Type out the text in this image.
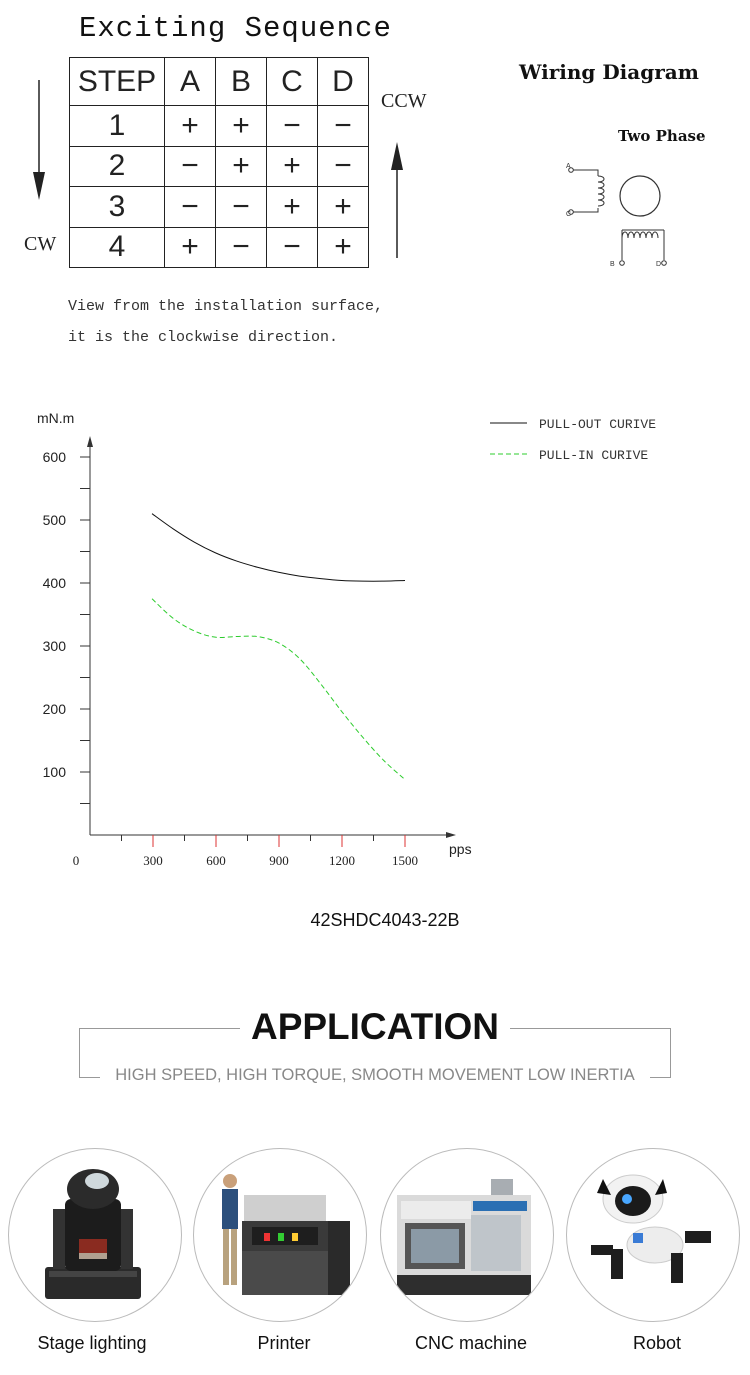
Exciting Sequence
STEP	A	B	C	D
1	+	+	−	−
2	−	+	+	−
3	−	−	+	+
4	+	−	−	+
CW
CCW
View from the installation surface,
it is the clockwise direction.
Wiring Diagram
Two Phase
A
C
B	D
mN.m
pps
600
500
400
300
200
100
0	300	600	900	1200	1500
PULL-OUT CURIVE
PULL-IN CURIVE
42SHDC4043-22B
APPLICATION
HIGH SPEED, HIGH TORQUE, SMOOTH MOVEMENT LOW INERTIA
Stage lighting	Printer	CNC machine	Robot
